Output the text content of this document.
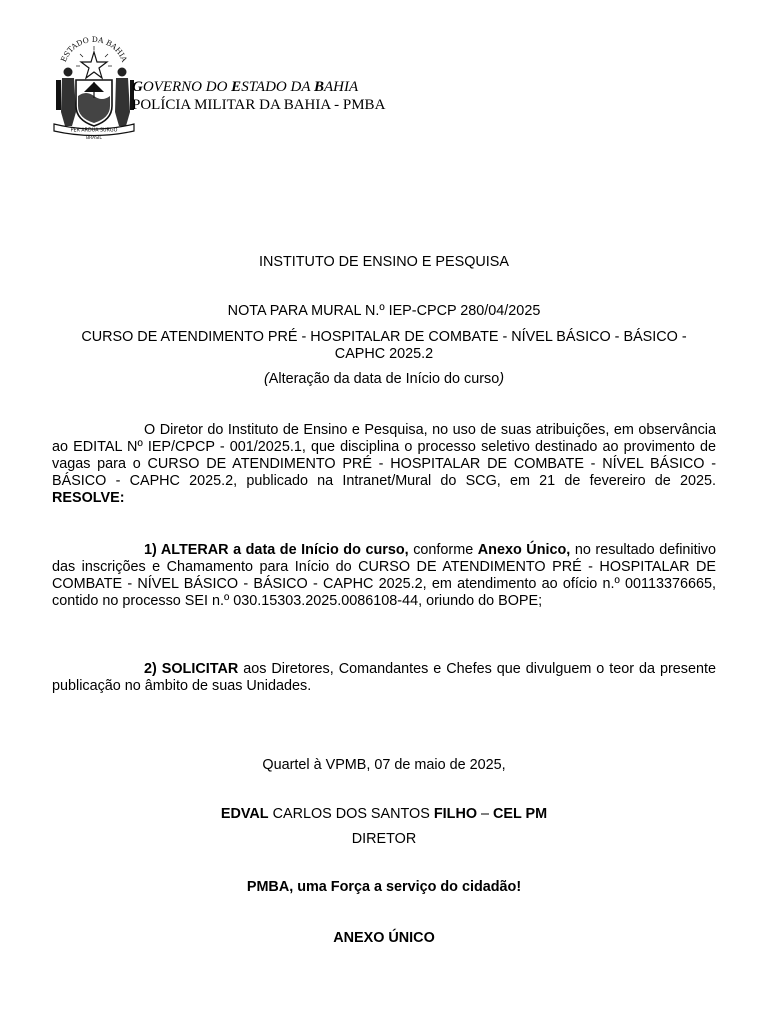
ESTADO DA BAHIA
PER ARDUA SURGO
BRASIL
GOVERNO DO ESTADO DA BAHIA
POLÍCIA MILITAR DA BAHIA - PMBA
INSTITUTO DE ENSINO E PESQUISA
NOTA PARA MURAL N.º IEP-CPCP 280/04/2025
CURSO DE ATENDIMENTO PRÉ - HOSPITALAR DE COMBATE - NÍVEL BÁSICO - BÁSICO -
CAPHC 2025.2
(Alteração da data de Início do curso)
O Diretor do Instituto de Ensino e Pesquisa, no uso de suas atribuições, em observância ao EDITAL Nº IEP/CPCP - 001/2025.1, que disciplina o processo seletivo destinado ao provimento de vagas para o CURSO DE ATENDIMENTO PRÉ - HOSPITALAR DE COMBATE - NÍVEL BÁSICO - BÁSICO - CAPHC 2025.2, publicado na Intranet/Mural do SCG, em 21 de fevereiro de 2025. RESOLVE:
1) ALTERAR a data de Início do curso, conforme Anexo Único, no resultado definitivo das inscrições e Chamamento para Início do CURSO DE ATENDIMENTO PRÉ - HOSPITALAR DE COMBATE - NÍVEL BÁSICO - BÁSICO - CAPHC 2025.2, em atendimento ao ofício n.º 00113376665, contido no processo SEI n.º 030.15303.2025.0086108-44, oriundo do BOPE;
2) SOLICITAR aos Diretores, Comandantes e Chefes que divulguem o teor da presente publicação no âmbito de suas Unidades.
Quartel à VPMB, 07 de maio de 2025,
EDVAL CARLOS DOS SANTOS FILHO – CEL PM
DIRETOR
PMBA, uma Força a serviço do cidadão!
ANEXO ÚNICO
